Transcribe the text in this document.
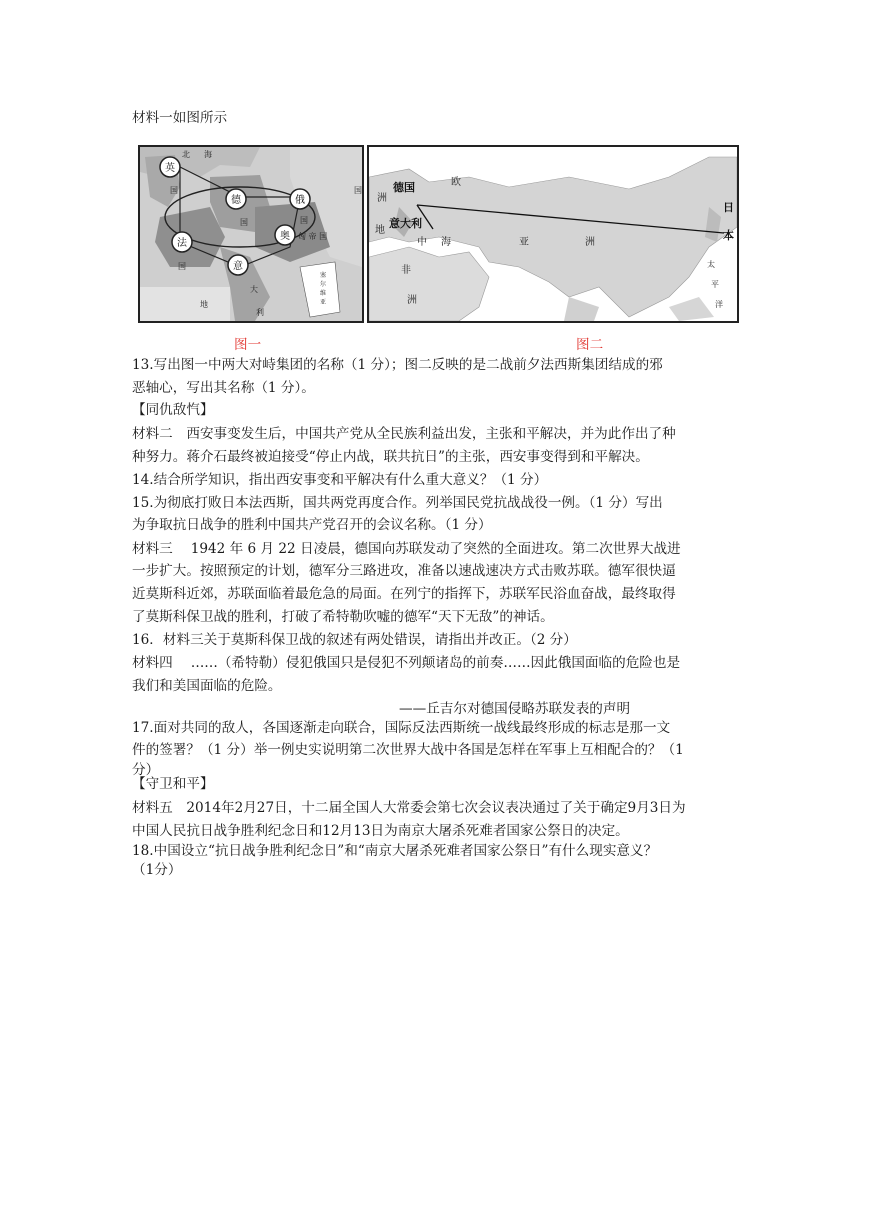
材料一如图所示
英
德	俄
法
奥
意
北 海
国
国
国	国
匈 帝 国
大
利
地
国
塞
尔
维
亚
德国
意大利
日
本
欧
洲
亚	洲
非
洲
地
中 海
太
平
洋
图一	图二
13.写出图一中两大对峙集团的名称（1 分）；图二反映的是二战前夕法西斯集团结成的邪
恶轴心，写出其名称（1 分）。
【同仇敌忾】
材料二　西安事变发生后，中国共产党从全民族利益出发，主张和平解决，并为此作出了种
种努力。蒋介石最终被迫接受“停止内战，联共抗日”的主张，西安事变得到和平解决。
14.结合所学知识，指出西安事变和平解决有什么重大意义？（1 分）
15.为彻底打败日本法西斯，国共两党再度合作。列举国民党抗战战役一例。（1 分）写出
为争取抗日战争的胜利中国共产党召开的会议名称。（1 分）
材料三　 1942 年 6 月 22 日凌晨，德国向苏联发动了突然的全面进攻。第二次世界大战进
一步扩大。按照预定的计划，德军分三路进攻，准备以速战速决方式击败苏联。德军很快逼
近莫斯科近郊，苏联面临着最危急的局面。在列宁的指挥下，苏联军民浴血奋战，最终取得
了莫斯科保卫战的胜利，打破了希特勒吹嘘的德军“天下无敌”的神话。
16．材料三关于莫斯科保卫战的叙述有两处错误，请指出并改正。（2 分）
材料四　 ……（希特勒）侵犯俄国只是侵犯不列颠诸岛的前奏……因此俄国面临的危险也是
我们和美国面临的危险。
——丘吉尔对德国侵略苏联发表的声明
17.面对共同的敌人，各国逐渐走向联合，国际反法西斯统一战线最终形成的标志是那一文
件的签署？（1 分）举一例史实说明第二次世界大战中各国是怎样在军事上互相配合的？（1
分）
【守卫和平】
材料五　2014年2月27日，十二届全国人大常委会第七次会议表决通过了关于确定9月3日为
中国人民抗日战争胜利纪念日和12月13日为南京大屠杀死难者国家公祭日的决定。
18.中国设立“抗日战争胜利纪念日”和“南京大屠杀死难者国家公祭日”有什么现实意义？
（1分）
